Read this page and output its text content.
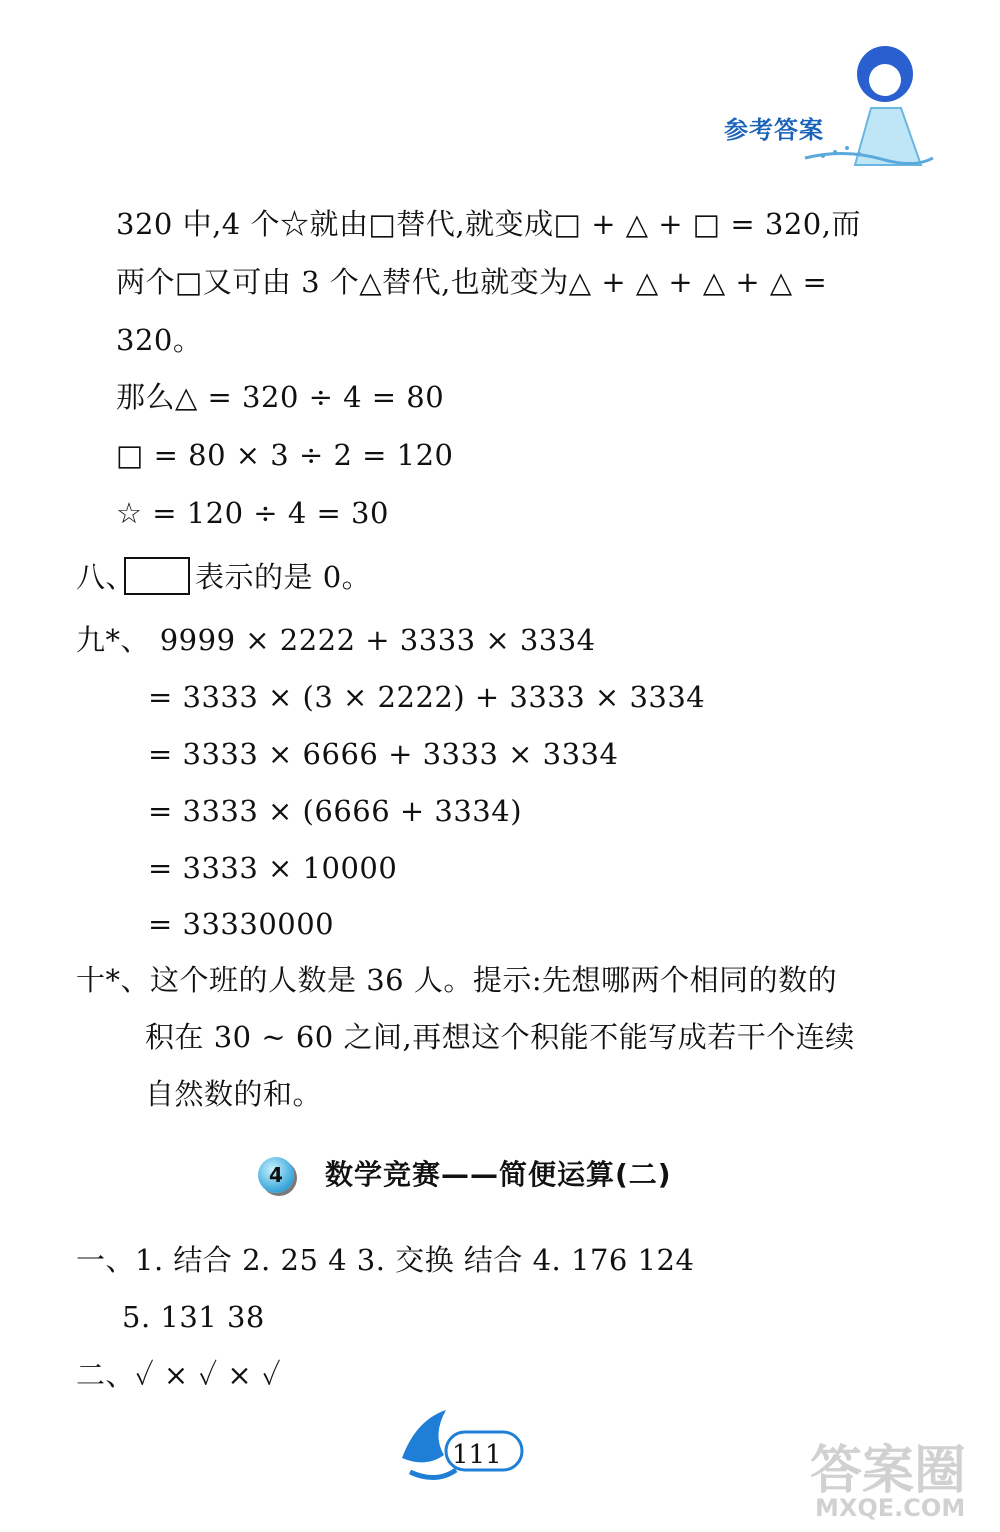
参考答案
320 中,4 个☆就由□替代,就变成□ + △ + □ = 320,而
两个□又可由 3 个△替代,也就变为△ + △ + △ + △ =
320。
那么△ = 320 ÷ 4 = 80
□ = 80 × 3 ÷ 2 = 120
☆ = 120 ÷ 4 = 30
八、 表示的是 0。
九*、 9999 × 2222 + 3333 × 3334
= 3333 × (3 × 2222) + 3333 × 3334
= 3333 × 6666 + 3333 × 3334
= 3333 × (6666 + 3334)
= 3333 × 10000
= 33330000
十*、这个班的人数是 36 人。提示:先想哪两个相同的数的
积在 30 ~ 60 之间,再想这个积能不能写成若干个连续
自然数的和。
4	数学竞赛——简便运算(二)
一、1. 结合 2. 25 4 3. 交换 结合 4. 176 124
5. 131 38
二、✓ × ✓ × ✓
111	答案圈
MXQE.COM
